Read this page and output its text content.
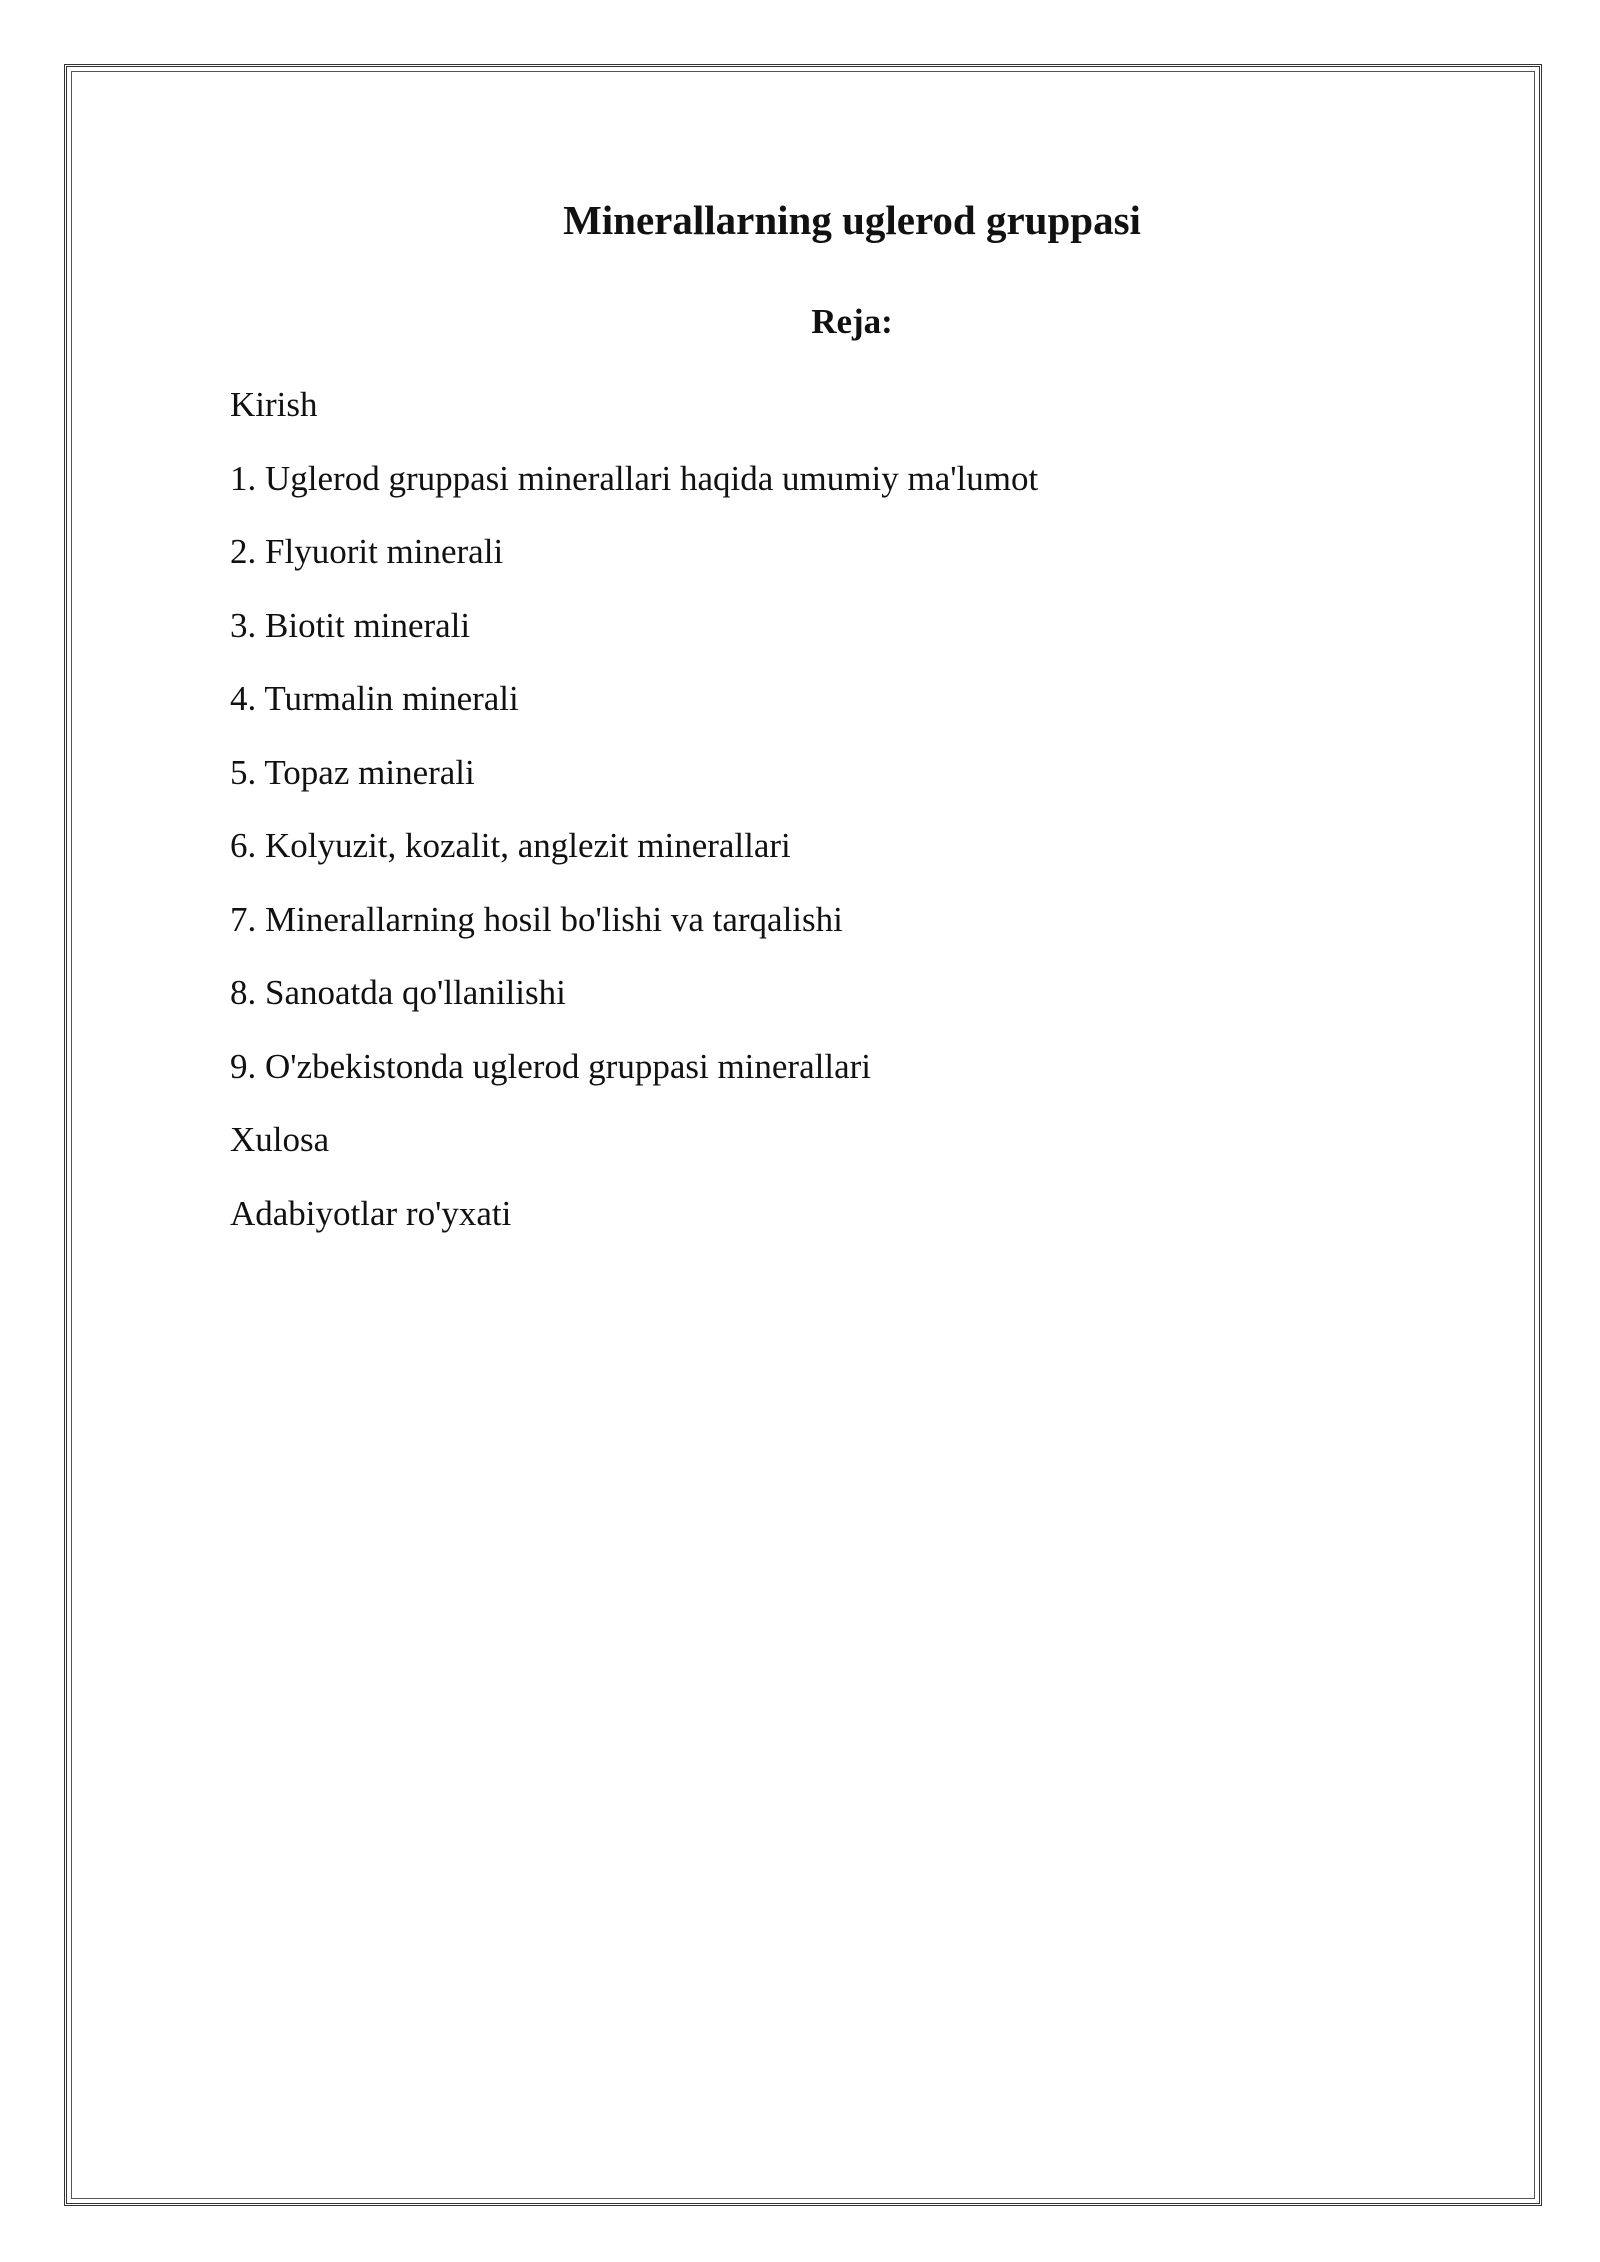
Minerallarning uglerod gruppasi
Reja:
Kirish
1. Uglerod gruppasi minerallari haqida umumiy ma'lumot
2. Flyuorit minerali
3. Biotit minerali
4. Turmalin minerali
5. Topaz minerali
6. Kolyuzit, kozalit, anglezit minerallari
7. Minerallarning hosil bo'lishi va tarqalishi
8. Sanoatda qo'llanilishi
9. O'zbekistonda uglerod gruppasi minerallari
Xulosa
Adabiyotlar ro'yxati
